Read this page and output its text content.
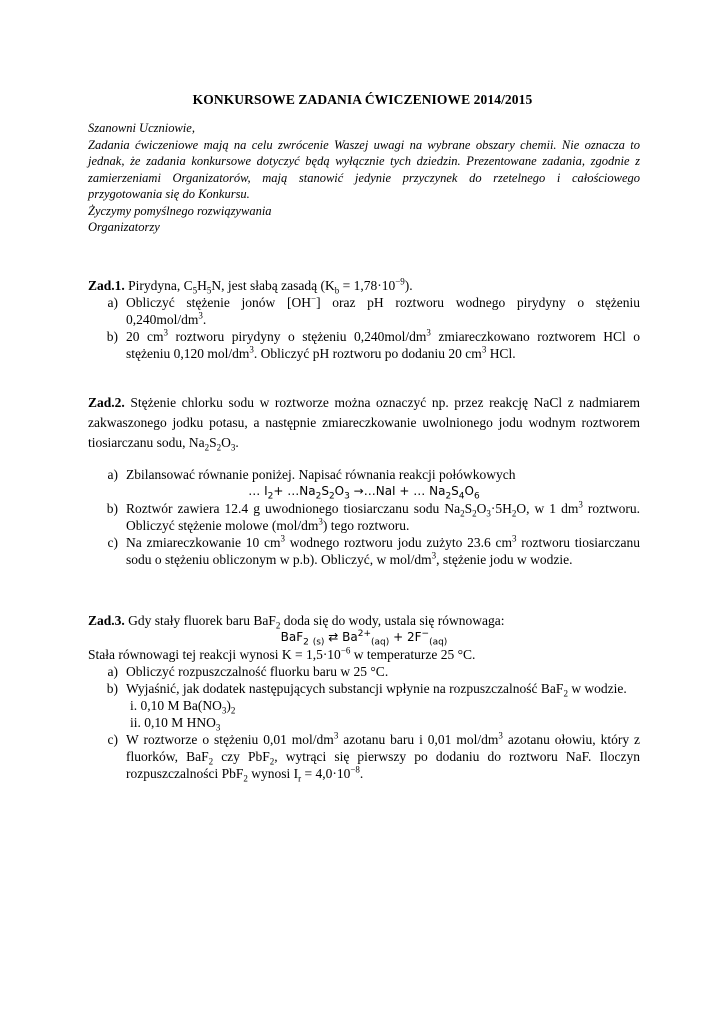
KONKURSOWE ZADANIA ĆWICZENIOWE 2014/2015

Szanowni Uczniowie,

Zadania ćwiczeniowe mają na celu zwrócenie Waszej uwagi na wybrane obszary chemii. Nie oznacza to jednak, że zadania konkursowe dotyczyć będą wyłącznie tych dziedzin. Prezentowane zadania, zgodnie z zamierzeniami Organizatorów, mają stanowić jedynie przyczynek do rzetelnego i całościowego przygotowania się do Konkursu.

Życzymy pomyślnego rozwiązywania

Organizatorzy

Zad.1. Pirydyna, $C_5H_5N$, jest słabą zasadą $(K_b = 1,78\cdot 10^{-9})$.

a) Obliczyć stężenie jonów [OH−] oraz pH roztworu wodnego pirydyny o stężeniu $0,240mol/dm^3$.
b) 20 $cm^3$ roztworu pirydyny o stężeniu $0,240mol/dm^3$ zmiareczkowano roztworem HCl o stężeniu 0,120 mol/$dm^3$. Obliczyć pH roztworu po dodaniu 20 $cm^3$ HCl.

Zad.2. Stężenie chlorku sodu w roztworze można oznaczyć np. przez reakcję NaCl z nadmiarem zakwaszonego jodku potasu, a następnie zmiareczkowanie uwolnionego jodu wodnym roztworem tiosiarczanu sodu, $Na_2S_2O_3$.

a) Zbilansować równanie poniżej. Napisać równania reakcji połówkowych

… $I_2+$ $\dots Na_2S_2O_3$ →…NaI + … $Na_2S_4O_6$

b) Roztwór zawiera 12.4 g uwodnionego tiosiarczanu sodu $Na_2S_2O_3\cdot 5H_2O$, w 1 $dm^3$ roztworu. Obliczyć stężenie molowe $(mol/dm^3)$ tego roztworu.
c) Na zmiareczkowanie 10 $cm^3$ wodnego roztworu jodu zużyto 23.6 $cm^3$ roztworu tiosiarczanu sodu o stężeniu obliczonym w p.b). Obliczyć, w mol/$dm^3$, stężenie jodu w wodzie.

Zad.3. Gdy stały fluorek baru BaF$_2$ doda się do wody, ustala się równowaga:

BaF$_2$ $_{(s)}$ ⇄ $Ba^{2+}_{(aq)} + 2F^-_{(aq)}$

Stała równowagi tej reakcji wynosi $K = 1,5\cdot 10^{-6}$ w temperaturze 25 °C.

a) Obliczyć rozpuszczalność fluorku baru w 25 °C.
b) Wyjaśnić, jak dodatek następujących substancji wpłynie na rozpuszczalność BaF$_2$ w wodzie.

i. 0,10 M $Ba(NO_3)_2$

ii. 0,10 M $HNO_3$

c) W roztworze o stężeniu 0,01 mol/$dm^3$ azotanu baru i 0,01 mol/$dm^3$ azotanu ołowiu, który z fluorków, BaF$_2$ czy PbF$_2$, wytrąci się pierwszy po dodaniu do roztworu NaF. Iloczyn rozpuszczalności PbF$_2$ wynosi $I_r = 4,0\cdot 10^{-8}$.
